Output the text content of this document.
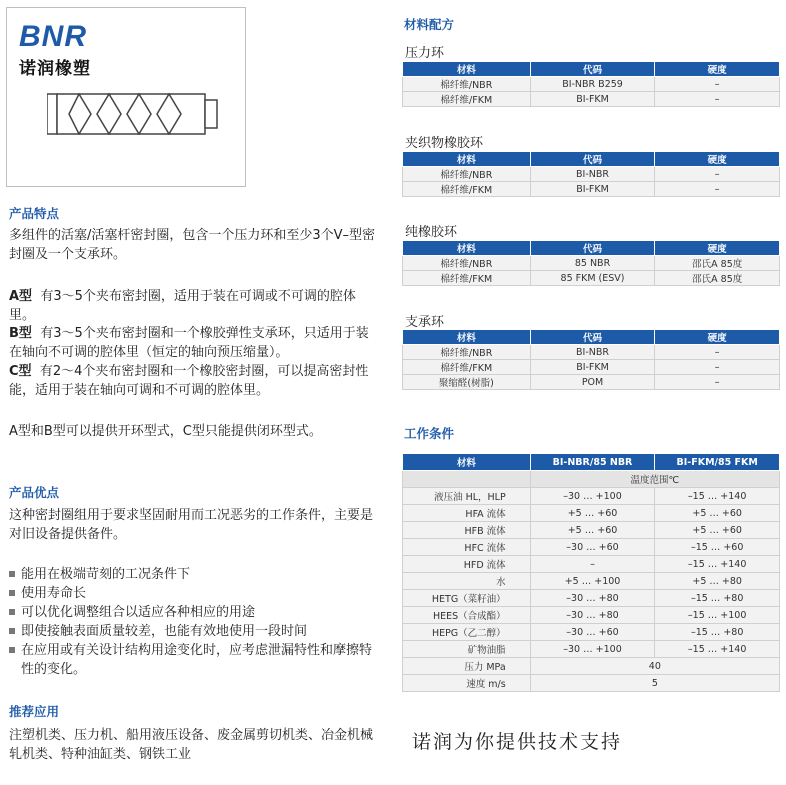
BNR
诺润橡塑
产品特点
多组件的活塞/活塞杆密封圈，包含一个压力环和至少3个V–型密封圈及一个支承环。
A型 有3～5个夹布密封圈，适用于装在可调或不可调的腔体里。
B型 有3～5个夹布密封圈和一个橡胶弹性支承环，只适用于装在轴向不可调的腔体里（恒定的轴向预压缩量）。
C型 有2～4个夹布密封圈和一个橡胶密封圈，可以提高密封性能，适用于装在轴向可调和不可调的腔体里。
A型和B型可以提供开环型式，C型只能提供闭环型式。
产品优点
这种密封圈组用于要求坚固耐用而工况恶劣的工作条件，主要是对旧设备提供备件。
能用在极端苛刻的工况条件下
使用寿命长
可以优化调整组合以适应各种相应的用途
即使接触表面质量较差，也能有效地使用一段时间
在应用或有关设计结构用途变化时，应考虑泄漏特性和摩擦特性的变化。
推荐应用
注塑机类、压力机、船用液压设备、废金属剪切机类、冶金机械轧机类、特种油缸类、钢铁工业
材料配方
压力环
材料	代码	硬度
棉纤维/NBR	BI-NBR B259	–
棉纤维/FKM	BI-FKM	–
夹织物橡胶环
材料	代码	硬度
棉纤维/NBR	BI-NBR	–
棉纤维/FKM	BI-FKM	–
纯橡胶环
材料	代码	硬度
棉纤维/NBR	85 NBR	邵氏A 85度
棉纤维/FKM	85 FKM (ESV)	邵氏A 85度
支承环
材料	代码	硬度
棉纤维/NBR	BI-NBR	–
棉纤维/FKM	BI-FKM	–
聚缩醛(树脂)	POM	–
工作条件
材料	BI-NBR/85 NBR	BI-FKM/85 FKM
	温度范围℃	
液压油 HL，HLP	–30 … +100	–15 … +140
HFA 流体	+5 … +60	+5 … +60
HFB 流体	+5 … +60	+5 … +60
HFC 流体	–30 … +60	–15 … +60
HFD 流体	–	–15 … +140
水	+5 … +100	+5 … +80
HETG（菜籽油）	–30 … +80	–15 … +80
HEES（合成酯）	–30 … +80	–15 … +100
HEPG（乙二醇）	–30 … +60	–15 … +80
矿物油脂	–30 … +100	–15 … +140
压力 MPa	40	
速度 m/s	5	
诺润为你提供技术支持
